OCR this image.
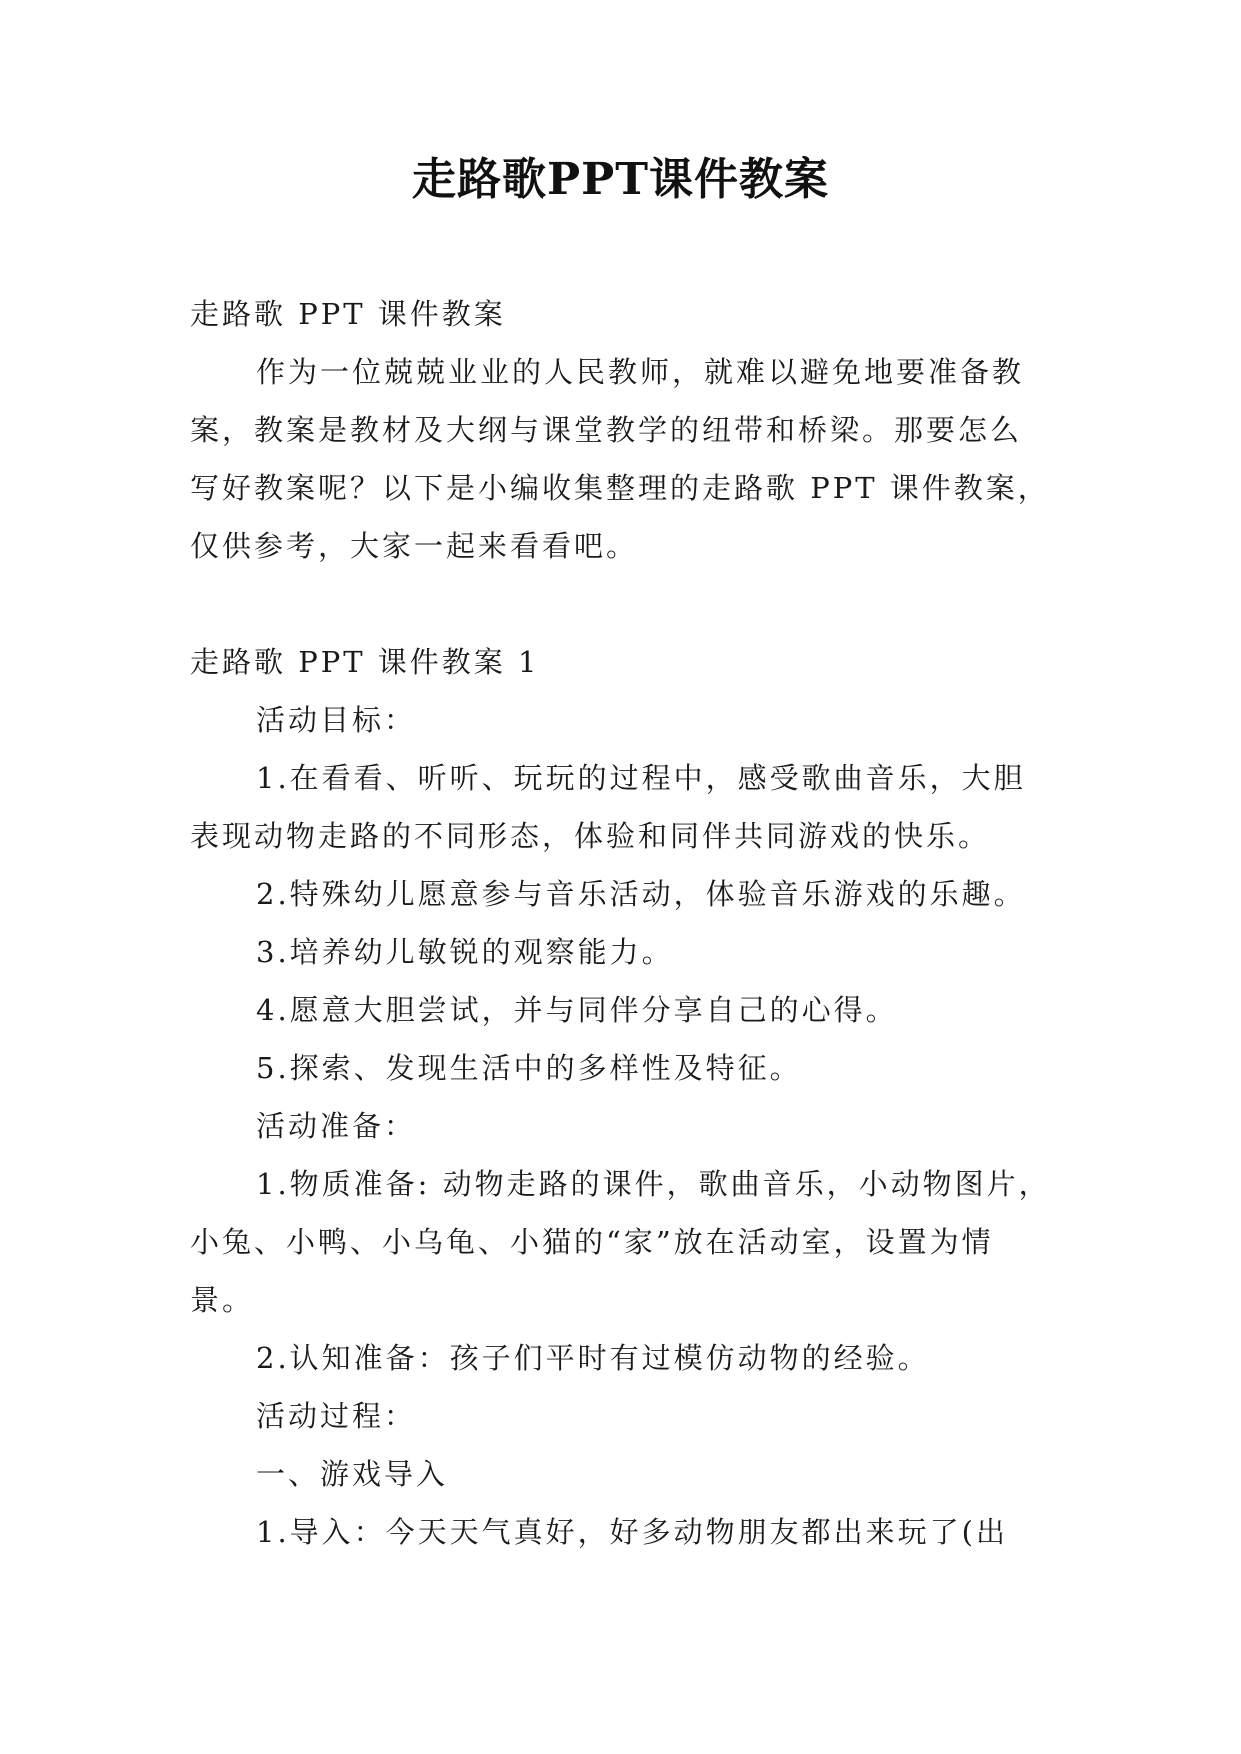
走路歌PPT课件教案
走路歌 PPT 课件教案
作为一位兢兢业业的人民教师，就难以避免地要准备教
案，教案是教材及大纲与课堂教学的纽带和桥梁。那要怎么
写好教案呢？以下是小编收集整理的走路歌 PPT 课件教案，
仅供参考，大家一起来看看吧。
走路歌 PPT 课件教案 1
活动目标：
1.在看看、听听、玩玩的过程中，感受歌曲音乐，大胆
表现动物走路的不同形态，体验和同伴共同游戏的快乐。
2.特殊幼儿愿意参与音乐活动，体验音乐游戏的乐趣。
3.培养幼儿敏锐的观察能力。
4.愿意大胆尝试，并与同伴分享自己的心得。
5.探索、发现生活中的多样性及特征。
活动准备：
1.物质准备: 动物走路的课件，歌曲音乐，小动物图片，
小兔、小鸭、小乌龟、小猫的“家”放在活动室，设置为情
景。
2.认知准备：孩子们平时有过模仿动物的经验。
活动过程：
一、游戏导入
1.导入：今天天气真好，好多动物朋友都出来玩了(出
